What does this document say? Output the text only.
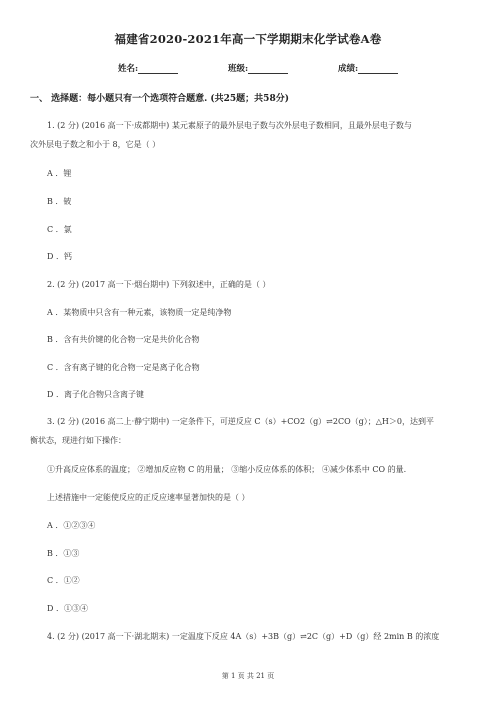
福建省2020-2021年高一下学期期末化学试卷A卷
姓名:	班级:	成绩:
一、 选择题：每小题只有一个选项符合题意. (共25题；共58分)
1. (2 分) (2016 高一下·成都期中) 某元素原子的最外层电子数与次外层电子数相同，且最外层电子数与
次外层电子数之和小于 8，它是（ ）
A ．锂
B ．铍
C ．氯
D ．钙
2. (2 分) (2017 高一下·烟台期中) 下列叙述中，正确的是（ ）
A ．某物质中只含有一种元素，该物质一定是纯净物
B ．含有共价键的化合物一定是共价化合物
C ．含有离子键的化合物一定是离子化合物
D ．离子化合物只含离子键
3. (2 分) (2016 高二上·静宁期中) 一定条件下，可逆反应 C（s）+CO2（g）⇌2CO（g）；△H＞0，达到平
衡状态，现进行如下操作：
①升高反应体系的温度； ②增加反应物 C 的用量； ③缩小反应体系的体积； ④减少体系中 CO 的量.
上述措施中一定能使反应的正反应速率显著加快的是（ ）
A ．①②③④
B ．①③
C ．①②
D ．①③④
4. (2 分) (2017 高一下·湖北期末) 一定温度下反应 4A（s）+3B（g）⇌2C（g）+D（g）经 2min B 的浓度
第 1 页 共 21 页
